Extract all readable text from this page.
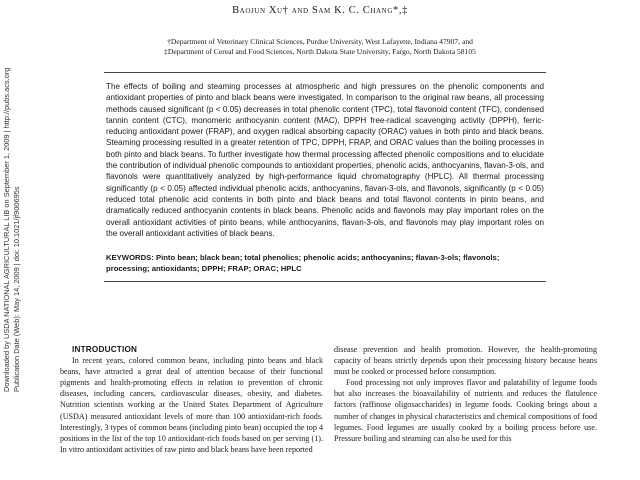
Baojun Xu† and Sam K. C. Chang*,‡
†Department of Veterinary Clinical Sciences, Purdue University, West Lafayette, Indiana 47907, and
‡Department of Cereal and Food Sciences, North Dakota State University, Fargo, North Dakota 58105
Downloaded by USDA NATIONAL AGRICULTURAL LIB on September 1, 2009 | http://pubs.acs.org Publication Date (Web): May 14, 2009 | doi: 10.1021/jf900695s

The effects of boiling and steaming processes at atmospheric and high pressures on the phenolic components and antioxidant properties of pinto and black beans were investigated. In comparison to the original raw beans, all processing methods caused significant (p < 0.05) decreases in total phenolic content (TPC), total flavonoid content (TFC), condensed tannin content (CTC), monomeric anthocyanin content (MAC), DPPH free-radical scavenging activity (DPPH), ferric-reducing antioxidant power (FRAP), and oxygen radical absorbing capacity (ORAC) values in both pinto and black beans. Steaming processing resulted in a greater retention of TPC, DPPH, FRAP, and ORAC values than the boiling processes in both pinto and black beans. To further investigate how thermal processing affected phenolic compositions and to elucidate the contribution of individual phenolic compounds to antioxidant properties, phenolic acids, anthocyanins, flavan-3-ols, and flavonols were quantitatively analyzed by high-performance liquid chromatography (HPLC). All thermal processing significantly (p < 0.05) affected individual phenolic acids, anthocyanins, flavan-3-ols, and flavonols, significantly (p < 0.05) reduced total phenolic acid contents in both pinto and black beans and total flavonol contents in pinto beans, and dramatically reduced anthocyanin contents in black beans. Phenolic acids and flavonols may play important roles on the overall antioxidant activities of pinto beans, while anthocyanins, flavan-3-ols, and flavonols may play important roles on the overall antioxidant activities of black beans.

KEYWORDS: Pinto bean; black bean; total phenolics; phenolic acids; anthocyanins; flavan-3-ols; flavonols; processing; antioxidants; DPPH; FRAP; ORAC; HPLC

INTRODUCTION

In recent years, colored common beans, including pinto beans and black beans, have attracted a great deal of attention because of their functional pigments and health-promoting effects in relation to prevention of chronic diseases, including cancers, cardiovascular diseases, obesity, and diabetes. Nutrition scientists working at the United States Department of Agriculture (USDA) measured antioxidant levels of more than 100 antioxidant-rich foods. Interestingly, 3 types of common beans (including pinto bean) occupied the top 4 positions in the list of the top 10 antioxidant-rich foods based on per serving (1). In vitro antioxidant activities of raw pinto and black beans have been reported

disease prevention and health promotion. However, the health-promoting capacity of beans strictly depends upon their processing history because beans must be cooked or processed before consumption.

Food processing not only improves flavor and palatability of legume foods but also increases the bioavailability of nutrients and reduces the flatulence factors (raffinose oligosaccharides) in legume foods. Cooking brings about a number of changes in physical characteristics and chemical compositions of food legumes. Food legumes are usually cooked by a boiling process before use. Pressure boiling and steaming can also be used for this
